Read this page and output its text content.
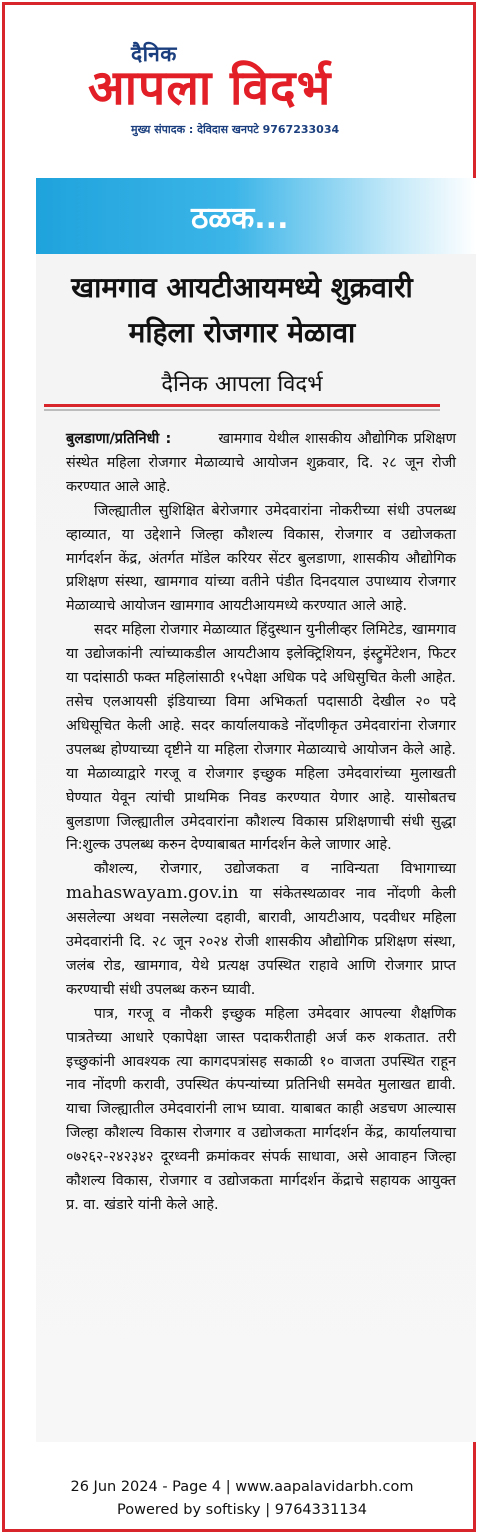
दैनिक
आपला विदर्भ
मुख्य संपादक : देविदास खनपटे 9767233034
ठळक...
खामगाव आयटीआयमध्ये शुक्रवारी
महिला रोजगार मेळावा
दैनिक आपला विदर्भ

बुलडाणा/प्रतिनिधी :	खामगाव येथील शासकीय औद्योगिक प्रशिक्षण संस्थेत महिला रोजगार मेळाव्याचे आयोजन शुक्रवार, दि. २८ जून रोजी करण्यात आले आहे.

जिल्ह्यातील सुशिक्षित बेरोजगार उमेदवारांना नोकरीच्या संधी उपलब्ध व्हाव्यात, या उद्देशाने जिल्हा कौशल्य विकास, रोजगार व उद्योजकता मार्गदर्शन केंद्र, अंतर्गत मॉडेल करियर सेंटर बुलडाणा, शासकीय औद्योगिक प्रशिक्षण संस्था, खामगाव यांच्या वतीने पंडीत दिनदयाल उपाध्याय रोजगार मेळाव्याचे आयोजन खामगाव आयटीआयमध्ये करण्यात आले आहे.

सदर महिला रोजगार मेळाव्यात हिंदुस्थान युनीलीव्हर लिमिटेड, खामगाव या उद्योजकांनी त्यांच्याकडील आयटीआय इलेक्ट्रिशियन, इंस्ट्रुमेंटेशन, फिटर या पदांसाठी फक्त महिलांसाठी १५पेक्षा अधिक पदे अधिसुचित केली आहेत. तसेच एलआयसी इंडियाच्या विमा अभिकर्ता पदासाठी देखील २० पदे अधिसूचित केली आहे. सदर कार्यालयाकडे नोंदणीकृत उमेदवारांना रोजगार उपलब्ध होण्याच्या दृष्टीने या महिला रोजगार मेळाव्याचे आयोजन केले आहे. या मेळाव्याद्वारे गरजू व रोजगार इच्छुक महिला उमेदवारांच्या मुलाखती घेण्यात येवून त्यांची प्राथमिक निवड करण्यात येणार आहे. यासोबतच बुलडाणा जिल्ह्यातील उमेदवारांना कौशल्य विकास प्रशिक्षणाची संधी सुद्धा नि:शुल्क उपलब्ध करुन देण्याबाबत मार्गदर्शन केले जाणार आहे.

कौशल्य, रोजगार, उद्योजकता व नाविन्यता विभागाच्या mahaswayam.gov.in या संकेतस्थळावर नाव नोंदणी केली असलेल्या अथवा नसलेल्या दहावी, बारावी, आयटीआय, पदवीधर महिला उमेदवारांनी दि. २८ जून २०२४ रोजी शासकीय औद्योगिक प्रशिक्षण संस्था, जलंब रोड, खामगाव, येथे प्रत्यक्ष उपस्थित राहावे आणि रोजगार प्राप्त करण्याची संधी उपलब्ध करुन घ्यावी.

पात्र, गरजू व नौकरी इच्छुक महिला उमेदवार आपल्या शैक्षणिक पात्रतेच्या आधारे एकापेक्षा जास्त पदाकरीताही अर्ज करु शकतात. तरी इच्छुकांनी आवश्यक त्या कागदपत्रांसह सकाळी १० वाजता उपस्थित राहून नाव नोंदणी करावी, उपस्थित कंपन्यांच्या प्रतिनिधी समवेत मुलाखत द्यावी. याचा जिल्ह्यातील उमेदवारांनी लाभ घ्यावा. याबाबत काही अडचण आल्यास जिल्हा कौशल्य विकास रोजगार व उद्योजकता मार्गदर्शन केंद्र, कार्यालयाचा ०७२६२-२४२३४२ दूरध्वनी क्रमांकवर संपर्क साधावा, असे आवाहन जिल्हा कौशल्य विकास, रोजगार व उद्योजकता मार्गदर्शन केंद्राचे सहायक आयुक्त प्र. वा. खंडारे यांनी केले आहे.

26 Jun 2024 - Page 4 | www.aapalavidarbh.com
Powered by softisky | 9764331134
